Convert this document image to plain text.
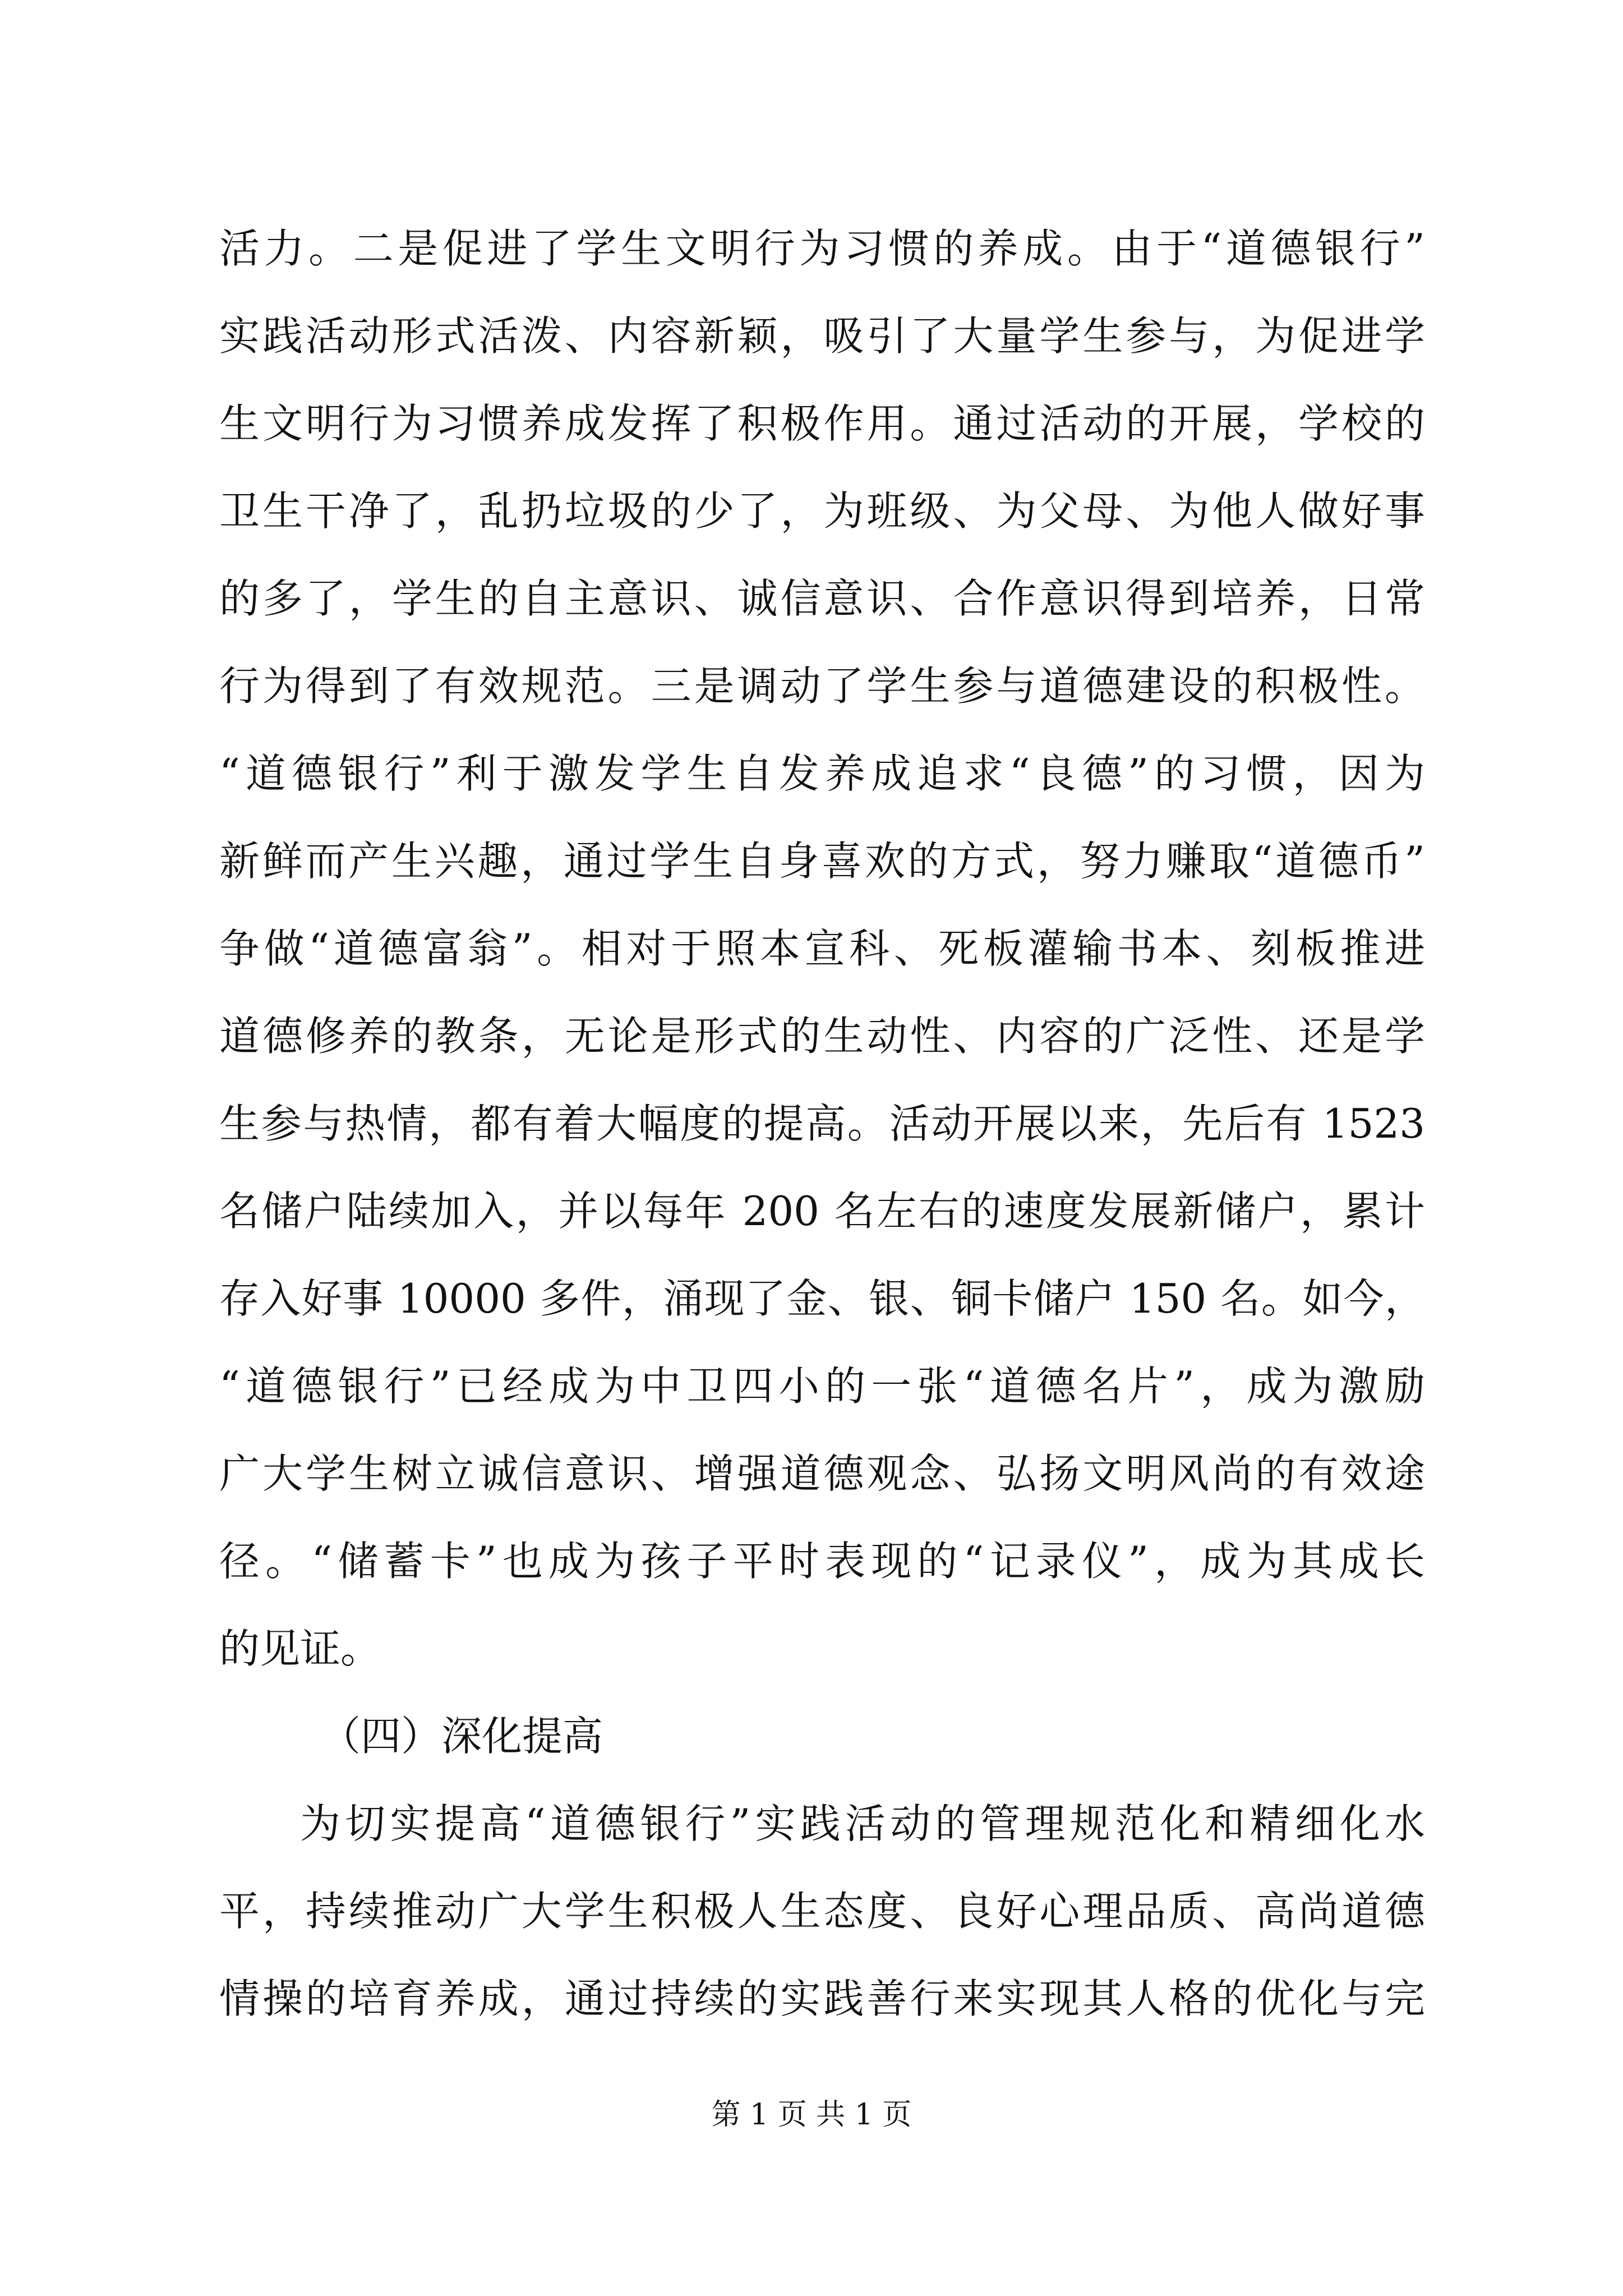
活力。二是促进了学生文明行为习惯的养成。由于“道德银行”
实践活动形式活泼、内容新颖，吸引了大量学生参与，为促进学
生文明行为习惯养成发挥了积极作用。通过活动的开展，学校的
卫生干净了，乱扔垃圾的少了，为班级、为父母、为他人做好事
的多了，学生的自主意识、诚信意识、合作意识得到培养，日常
行为得到了有效规范。三是调动了学生参与道德建设的积极性。
“道德银行”利于激发学生自发养成追求“良德”的习惯，因为
新鲜而产生兴趣，通过学生自身喜欢的方式，努力赚取“道德币”
争做“道德富翁”。相对于照本宣科、死板灌输书本、刻板推进
道德修养的教条，无论是形式的生动性、内容的广泛性、还是学
生参与热情，都有着大幅度的提高。活动开展以来，先后有 1523
名储户陆续加入，并以每年 200 名左右的速度发展新储户，累计
存入好事 10000 多件，涌现了金、银、铜卡储户 150 名。如今，
“道德银行”已经成为中卫四小的一张“道德名片”，成为激励
广大学生树立诚信意识、增强道德观念、弘扬文明风尚的有效途
径。“储蓄卡”也成为孩子平时表现的“记录仪”，成为其成长
的见证。
（四）深化提高
为切实提高“道德银行”实践活动的管理规范化和精细化水
平，持续推动广大学生积极人生态度、良好心理品质、高尚道德
情操的培育养成，通过持续的实践善行来实现其人格的优化与完
第 1 页 共 1 页
